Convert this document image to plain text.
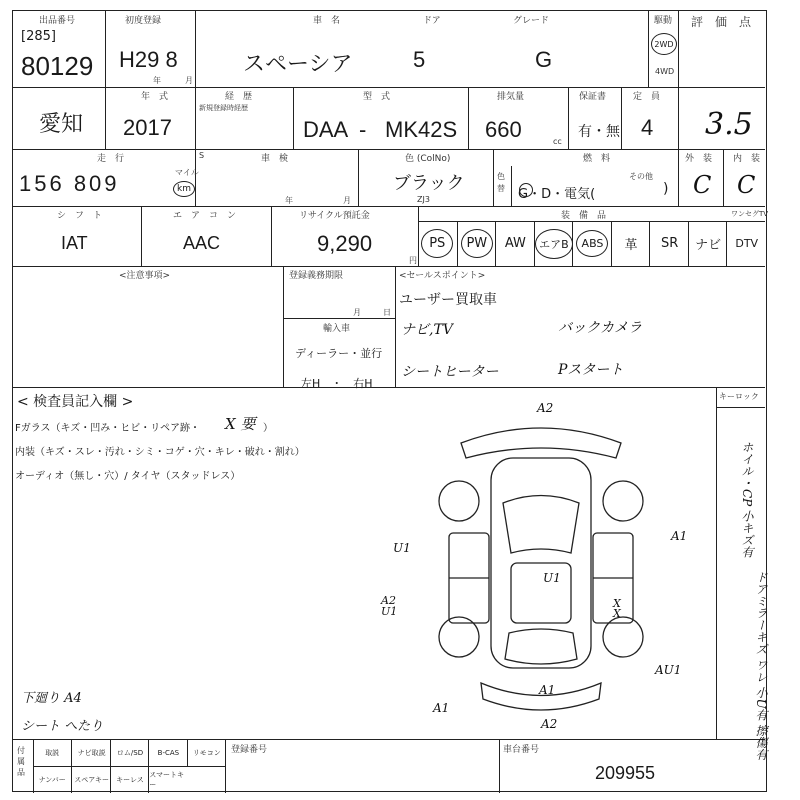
出品番号
[285]
80129
初度登録
H29 8
年	月
車　名
スペーシア
ドア
5
グレード
G
駆動
2WD
4WD
評　価　点
3.5
愛知
年　式
2017
経　歴
新規登録時経歴
型　式
DAA - MK42S
排気量
660	cc
保証書
有・無
定　員
4
走　行
マイル
156 809	km
S	車　検
年	月
色 (ColNo)
ブラック
ZJ3
色替
燃　料
G・D・電気(
その他
)
外　装
C
内　装
C
シ　フ　ト
IAT
エ　ア　コ　ン
AAC
リサイクル預託金
9,290
円
装　備　品	ワンセグTV
PS	PW	AW	エアB	ABS	革 SR ナビ DTV
<注意事項>	登録義務期限
月	日
輸入車
ディーラー・並行
左H　・　右H
<セールスポイント>
ユーザー買取車
ナビ,TV	バックカメラ
シートヒーター	Pスタート
< 検査員記入欄 >	キーロック
Fガラス（キズ・凹み・ヒビ・リペア跡・ X 要 ）
内装（キズ・スレ・汚れ・シミ・コゲ・穴・キレ・破れ・割れ）
オーディオ（無し・穴）/ タイヤ（スタッドレス）
下廻り A4
シート へたり
ホイル・CP 小キズ有
ドアミラーキズ ワレ 小U有 擦傷有
A2
A1
U1
U1
A2 U1
X X
AU1
A1
A1
A2
付属品
取説	ナビ取説	ロム/SD	B-CAS	リモコン
ナンバー	スペアキー	キーレス
スマートキー
登録番号	車台番号
209955
